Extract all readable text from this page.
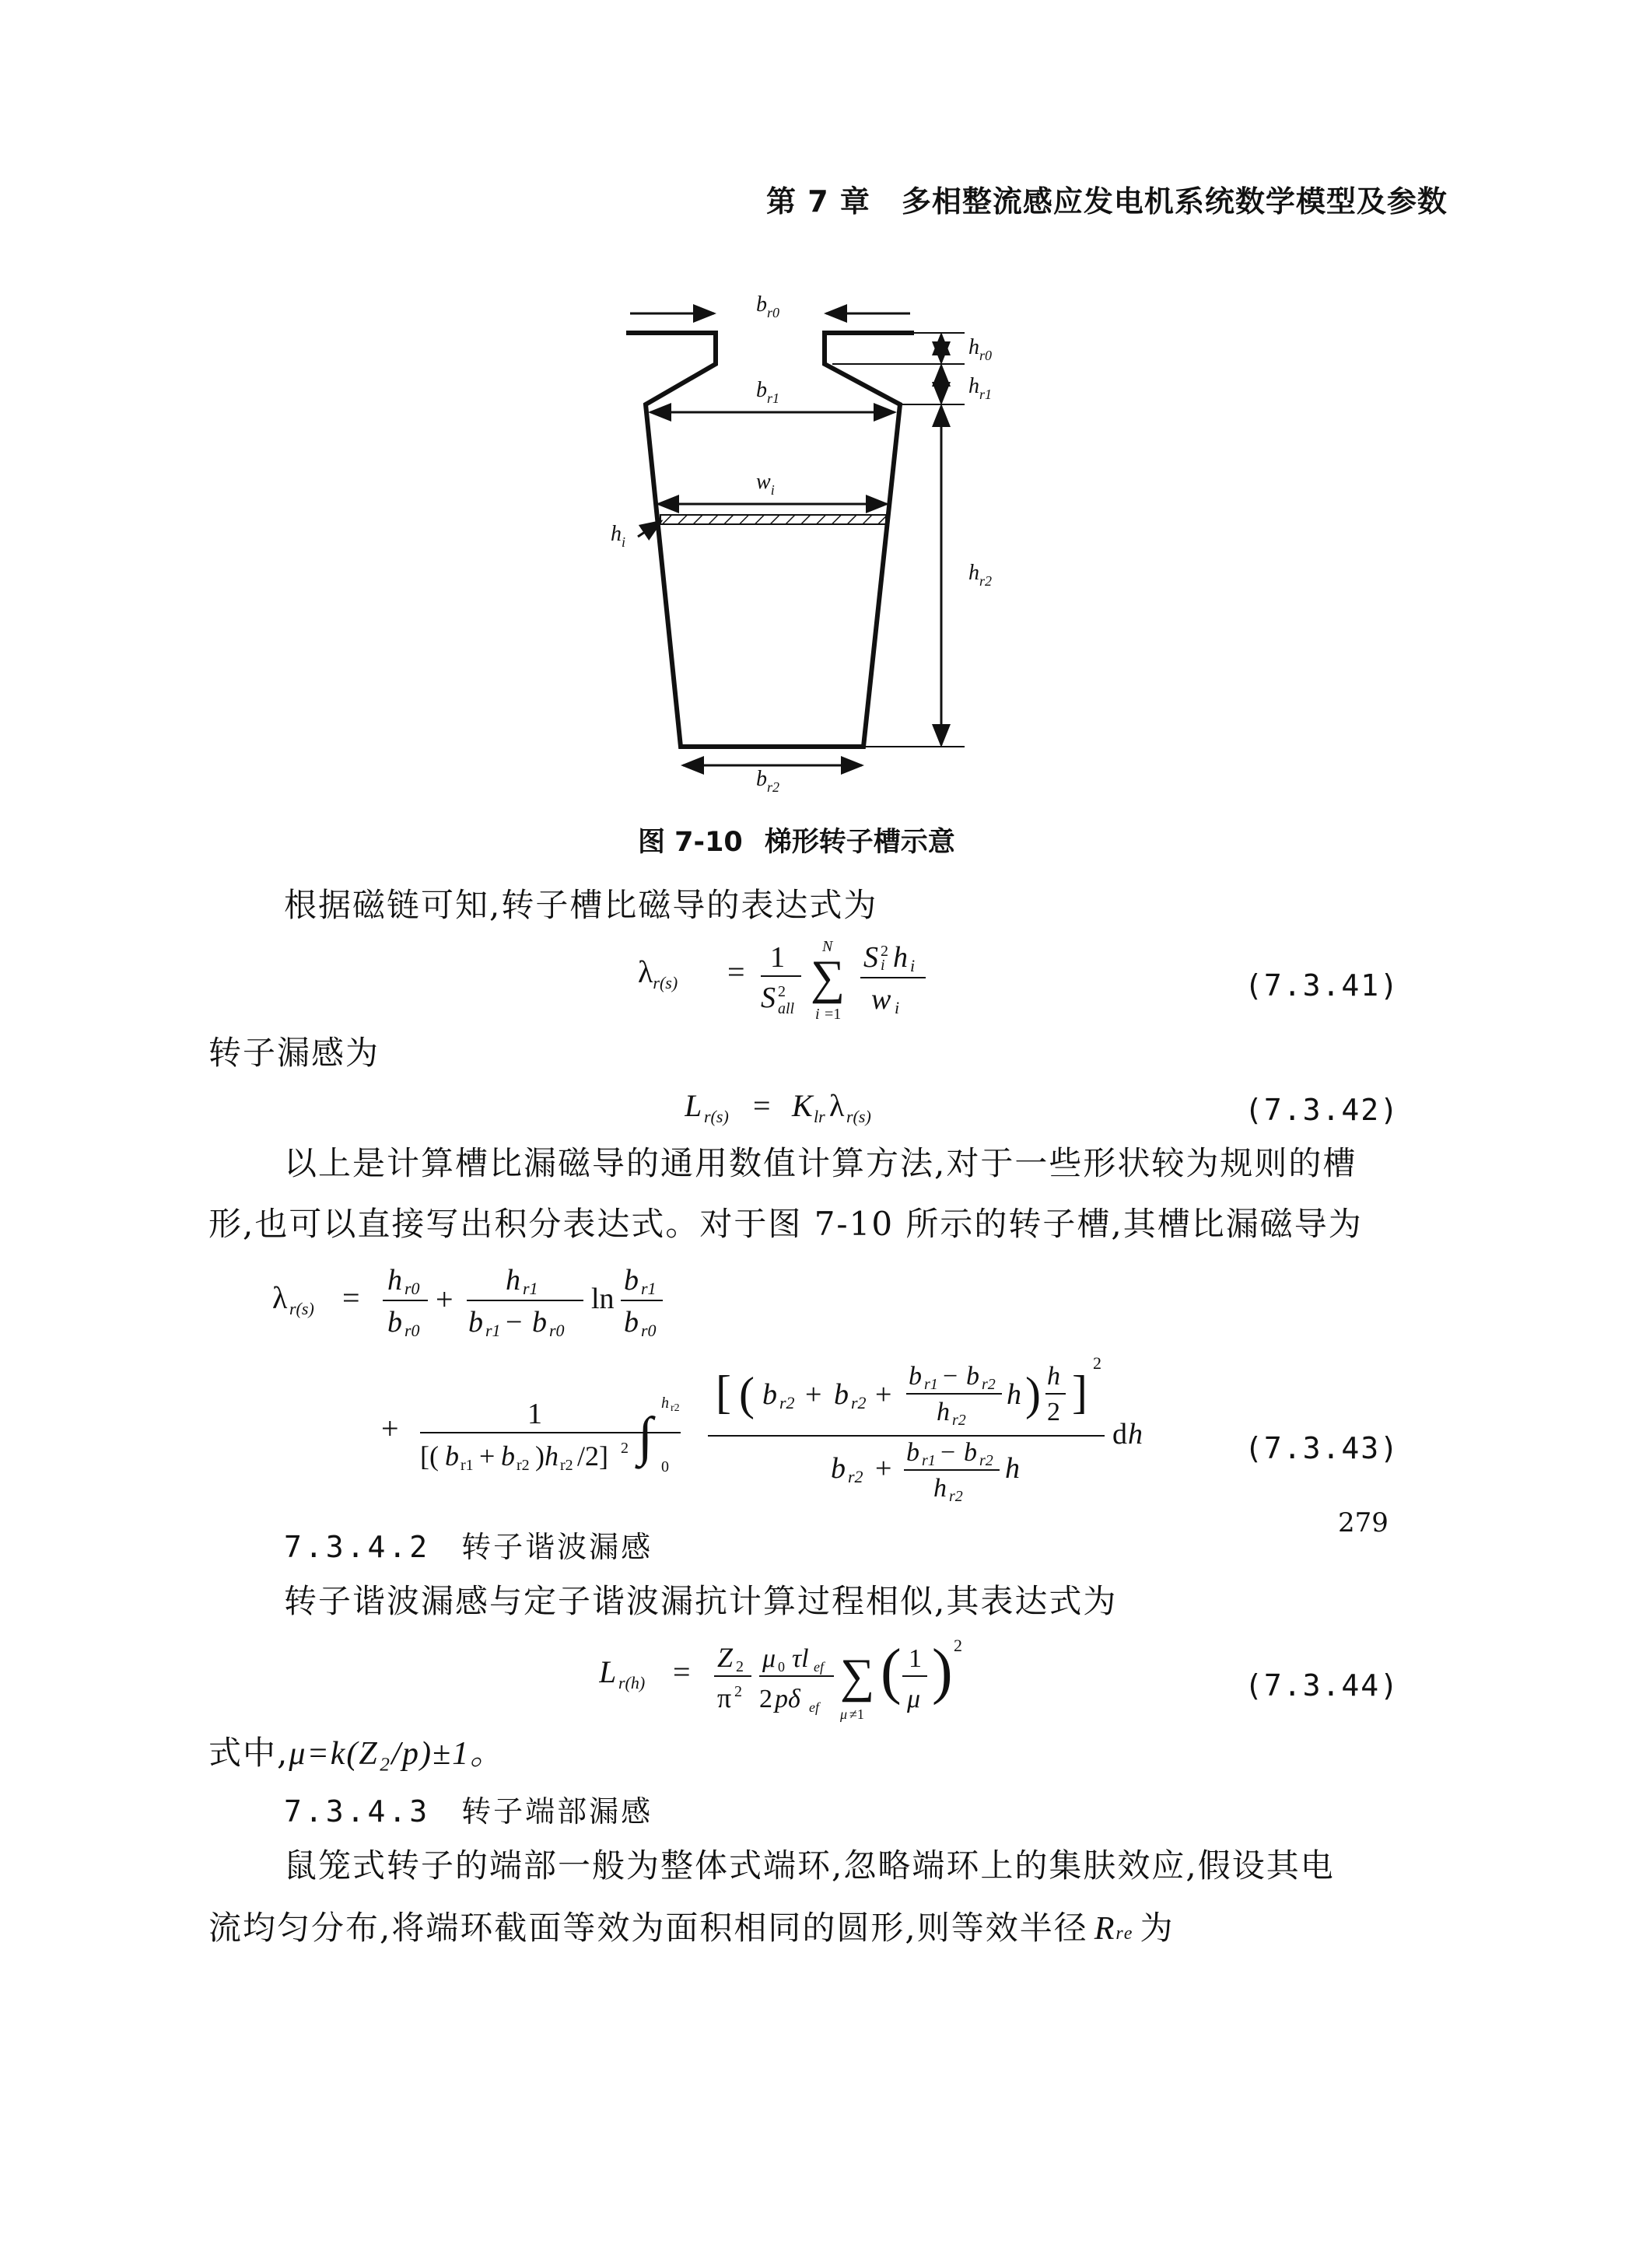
第 7 章 多相整流感应发电机系统数学模型及参数
$b_{r0}$
$h_{r0}$
$h_{r1}$
$b_{r1}$
$w_i$
$h_i$
$h_{r2}$
$b_{r2}$
图 7-10 梯形转子槽示意
根据磁链可知,转子槽比磁导的表达式为
$\lambda_{r(s)} = 1$
S 2
all
N
∑
i =1
S 2
i h i
w i
(7.3.41)
转子漏感为
L r(s) = K lr λ r(s)	(7.3.42)
以上是计算槽比漏磁导的通用数值计算方法,对于一些形状较为规则的槽
形,也可以直接写出积分表达式。对于图 7-10 所示的转子槽,其槽比漏磁导为
λ r(s) = h r0
b r0
+
h r1
b r1 − b r0
ln
b r1
b r0
+	1
[( b r1 + b r2 ) h r2 /2] 2 ∫
h r2
0
[ ( b r2 + b r2 +
b r1 − b r2
h r2
h ) h
2 ]
2
b r2 + b r1 − b r2
h r2
h
d h	(7.3.43)
7.3.4.2 转子谐波漏感
转子谐波漏感与定子谐波漏抗计算过程相似,其表达式为
L r(h) = Z 2
π 2
μ 0 τl ef
2 pδ ef
∑
μ ≠1
( 1
μ ) 2
(7.3.44)
式中,μ=k(Z₂/p)±1。
7.3.4.3 转子端部漏感
鼠笼式转子的端部一般为整体式端环,忽略端环上的集肤效应,假设其电
流均匀分布,将端环截面等效为面积相同的圆形,则等效半径 Rre 为
279
